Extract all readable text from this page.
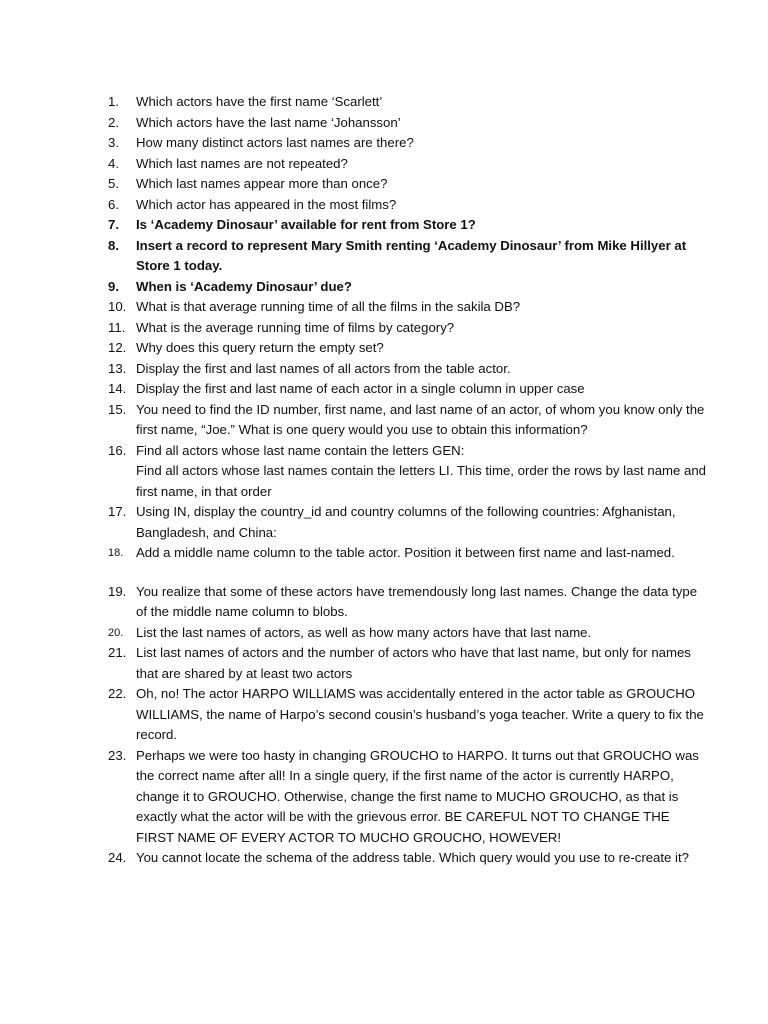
1.	Which actors have the first name ‘Scarlett’

2.	Which actors have the last name ‘Johansson’

3.	How many distinct actors last names are there?

4.	Which last names are not repeated?

5.	Which last names appear more than once?

6.	Which actor has appeared in the most films?

7.	Is ‘Academy Dinosaur’ available for rent from Store 1?

8.	Insert a record to represent Mary Smith renting ‘Academy Dinosaur’ from Mike Hillyer at Store 1 today.

9.	When is ‘Academy Dinosaur’ due?

10. What is that average running time of all the films in the sakila DB?

11. What is the average running time of films by category?

12. Why does this query return the empty set?

13. Display the first and last names of all actors from the table actor.

14. Display the first and last name of each actor in a single column in upper case

15. You need to find the ID number, first name, and last name of an actor, of whom you know only the first name, “Joe.” What is one query would you use to obtain this information?

16. Find all actors whose last name contain the letters GEN:

Find all actors whose last names contain the letters LI. This time, order the rows by last name and first name, in that order

17. Using IN, display the country_id and country columns of the following countries: Afghanistan, Bangladesh, and China:

18. Add a middle name column to the table actor. Position it between first name and last-named.

19. You realize that some of these actors have tremendously long last names. Change the data type of the middle name column to blobs.

20. List the last names of actors, as well as how many actors have that last name.

21. List last names of actors and the number of actors who have that last name, but only for names that are shared by at least two actors

22. Oh, no! The actor HARPO WILLIAMS was accidentally entered in the actor table as GROUCHO WILLIAMS, the name of Harpo’s second cousin’s husband’s yoga teacher. Write a query to fix the record.

23. Perhaps we were too hasty in changing GROUCHO to HARPO. It turns out that GROUCHO was the correct name after all! In a single query, if the first name of the actor is currently HARPO, change it to GROUCHO. Otherwise, change the first name to MUCHO GROUCHO, as that is exactly what the actor will be with the grievous error. BE CAREFUL NOT TO CHANGE THE FIRST NAME OF EVERY ACTOR TO MUCHO GROUCHO, HOWEVER!

24. You cannot locate the schema of the address table. Which query would you use to re-create it?
